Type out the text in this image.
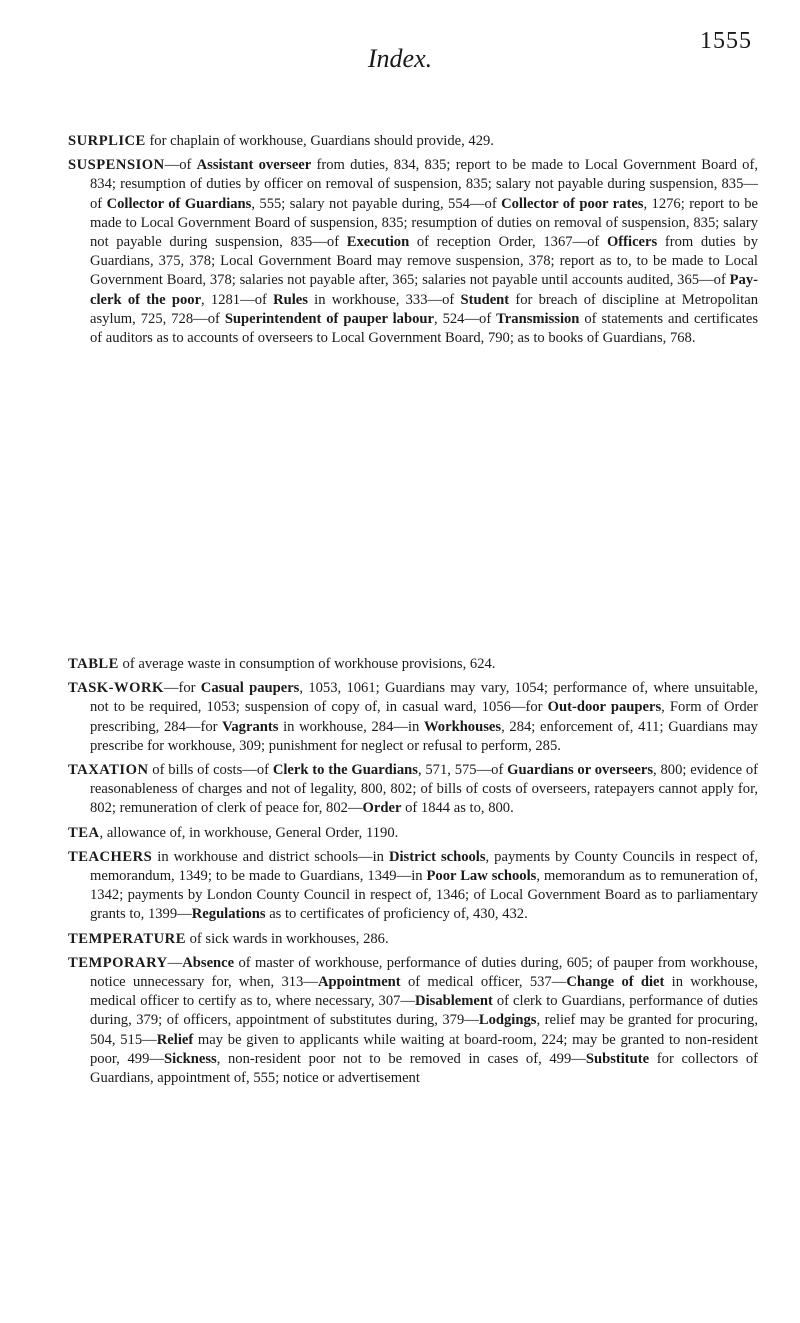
Index.
1555

SURPLICE for chaplain of workhouse, Guardians should provide, 429.

SUSPENSION—of Assistant overseer from duties, 834, 835; report to be made to Local Government Board of, 834; resumption of duties by officer on removal of suspension, 835; salary not payable during suspension, 835—of Collector of Guardians, 555; salary not payable during, 554—of Collector of poor rates, 1276; report to be made to Local Government Board of suspension, 835; resumption of duties on removal of suspension, 835; salary not payable during suspension, 835—of Execution of reception Order, 1367—of Officers from duties by Guardians, 375, 378; Local Government Board may remove suspension, 378; report as to, to be made to Local Government Board, 378; salaries not payable after, 365; salaries not payable until accounts audited, 365—of Pay-clerk of the poor, 1281—of Rules in workhouse, 333—of Student for breach of discipline at Metropolitan asylum, 725, 728—of Superintendent of pauper labour, 524—of Transmission of statements and certificates of auditors as to accounts of overseers to Local Government Board, 790; as to books of Guardians, 768.

TABLE of average waste in consumption of workhouse provisions, 624.

TASK-WORK—for Casual paupers, 1053, 1061; Guardians may vary, 1054; performance of, where unsuitable, not to be required, 1053; suspension of copy of, in casual ward, 1056—for Out-door paupers, Form of Order prescribing, 284—for Vagrants in workhouse, 284—in Workhouses, 284; enforcement of, 411; Guardians may prescribe for workhouse, 309; punishment for neglect or refusal to perform, 285.

TAXATION of bills of costs—of Clerk to the Guardians, 571, 575—of Guardians or overseers, 800; evidence of reasonableness of charges and not of legality, 800, 802; of bills of costs of overseers, ratepayers cannot apply for, 802; remuneration of clerk of peace for, 802—Order of 1844 as to, 800.

TEA, allowance of, in workhouse, General Order, 1190.

TEACHERS in workhouse and district schools—in District schools, payments by County Councils in respect of, memorandum, 1349; to be made to Guardians, 1349—in Poor Law schools, memorandum as to remuneration of, 1342; payments by London County Council in respect of, 1346; of Local Government Board as to parliamentary grants to, 1399—Regulations as to certificates of proficiency of, 430, 432.

TEMPERATURE of sick wards in workhouses, 286.

TEMPORARY—Absence of master of workhouse, performance of duties during, 605; of pauper from workhouse, notice unnecessary for, when, 313—Appointment of medical officer, 537—Change of diet in workhouse, medical officer to certify as to, where necessary, 307—Disablement of clerk to Guardians, performance of duties during, 379; of officers, appointment of substitutes during, 379—Lodgings, relief may be granted for procuring, 504, 515—Relief may be given to applicants while waiting at board-room, 224; may be granted to non-resident poor, 499—Sickness, non-resident poor not to be removed in cases of, 499—Substitute for collectors of Guardians, appointment of, 555; notice or advertisement
